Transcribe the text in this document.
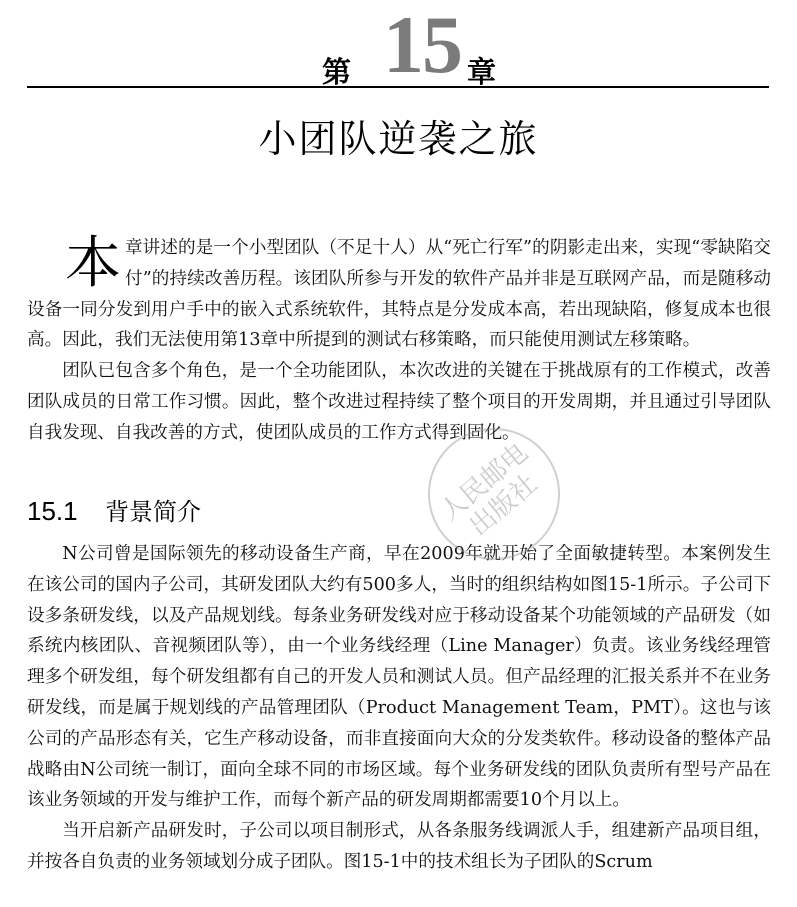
第 15 章
小团队逆袭之旅

本章讲述的是一个小型团队（不足十人）从“死亡行军”的阴影走出来，实现“零缺陷交付”的持续改善历程。该团队所参与开发的软件产品并非是互联网产品，而是随移动设备一同分发到用户手中的嵌入式系统软件，其特点是分发成本高，若出现缺陷，修复成本也很高。因此，我们无法使用第13章中所提到的测试右移策略，而只能使用测试左移策略。

团队已包含多个角色，是一个全功能团队，本次改进的关键在于挑战原有的工作模式，改善团队成员的日常工作习惯。因此，整个改进过程持续了整个项目的开发周期，并且通过引导团队自我发现、自我改善的方式，使团队成员的工作方式得到固化。

15.1 背景简介

N公司曾是国际领先的移动设备生产商，早在2009年就开始了全面敏捷转型。本案例发生在该公司的国内子公司，其研发团队大约有500多人，当时的组织结构如图15-1所示。子公司下设多条研发线，以及产品规划线。每条业务研发线对应于移动设备某个功能领域的产品研发（如系统内核团队、音视频团队等），由一个业务线经理（Line Manager）负责。该业务线经理管理多个研发组，每个研发组都有自己的开发人员和测试人员。但产品经理的汇报关系并不在业务研发线，而是属于规划线的产品管理团队（Product Management Team，PMT）。这也与该公司的产品形态有关，它生产移动设备，而非直接面向大众的分发类软件。移动设备的整体产品战略由N公司统一制订，面向全球不同的市场区域。每个业务研发线的团队负责所有型号产品在该业务领域的开发与维护工作，而每个新产品的研发周期都需要10个月以上。

当开启新产品研发时，子公司以项目制形式，从各条服务线调派人手，组建新产品项目组，并按各自负责的业务领域划分成子团队。图15-1中的技术组长为子团队的Scrum

人民邮电出版社
